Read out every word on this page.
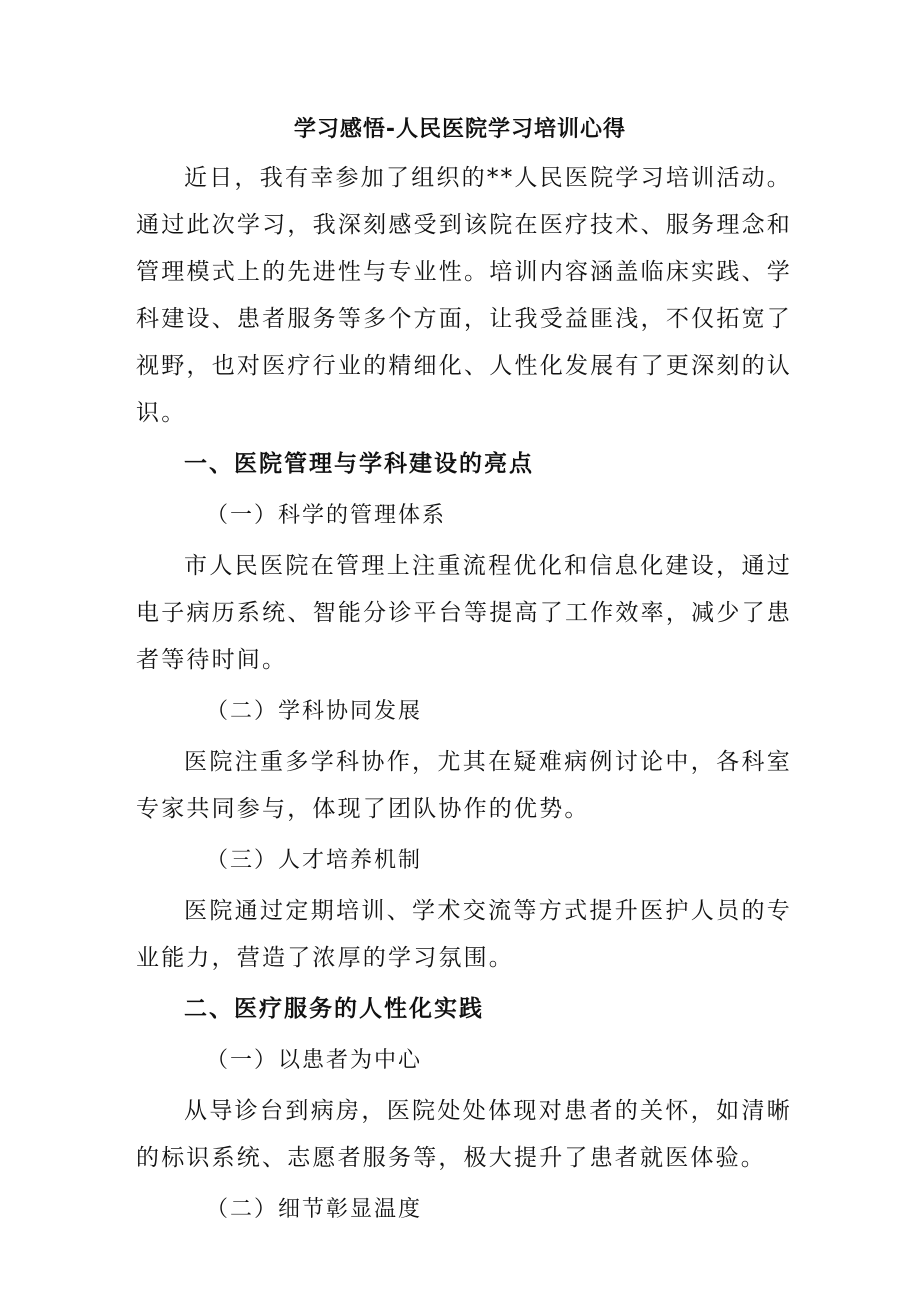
学习感悟-人民医院学习培训心得

近日，我有幸参加了组织的**人民医院学习培训活动。通过此次学习，我深刻感受到该院在医疗技术、服务理念和管理模式上的先进性与专业性。培训内容涵盖临床实践、学科建设、患者服务等多个方面，让我受益匪浅，不仅拓宽了视野，也对医疗行业的精细化、人性化发展有了更深刻的认识。

一、医院管理与学科建设的亮点

（一）科学的管理体系

市人民医院在管理上注重流程优化和信息化建设，通过电子病历系统、智能分诊平台等提高了工作效率，减少了患者等待时间。

（二）学科协同发展

医院注重多学科协作，尤其在疑难病例讨论中，各科室专家共同参与，体现了团队协作的优势。

（三）人才培养机制

医院通过定期培训、学术交流等方式提升医护人员的专业能力，营造了浓厚的学习氛围。

二、医疗服务的人性化实践

（一）以患者为中心

从导诊台到病房，医院处处体现对患者的关怀，如清晰的标识系统、志愿者服务等，极大提升了患者就医体验。

（二）细节彰显温度
